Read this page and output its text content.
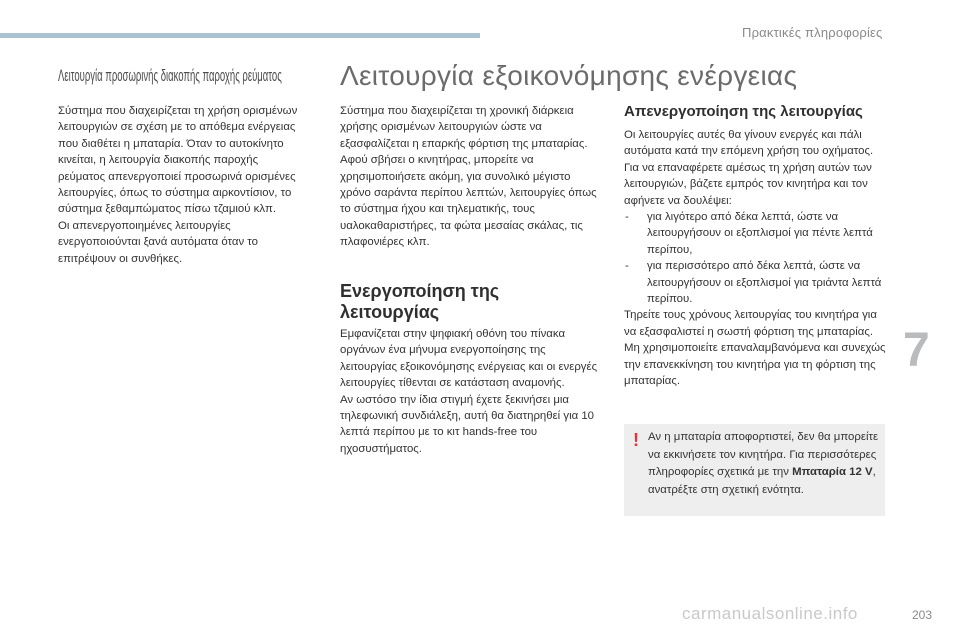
Πρακτικές πληροφορίες
Λειτουργία προσωρινής διακοπής παροχής ρεύματος

Σύστημα που διαχειρίζεται τη χρήση ορισμένων λειτουργιών σε σχέση με το απόθεμα ενέργειας που διαθέτει η μπαταρία. Όταν το αυτοκίνητο κινείται, η λειτουργία διακοπής παροχής ρεύματος απενεργοποιεί προσωρινά ορισμένες λειτουργίες, όπως το σύστημα αιρκοντίσιον, το σύστημα ξεθαμπώματος πίσω τζαμιού κλπ.

Οι απενεργοποιημένες λειτουργίες ενεργοποιούνται ξανά αυτόματα όταν το επιτρέψουν οι συνθήκες.

Λειτουργία εξοικονόμησης ενέργειας

Σύστημα που διαχειρίζεται τη χρονική διάρκεια χρήσης ορισμένων λειτουργιών ώστε να εξασφαλίζεται η επαρκής φόρτιση της μπαταρίας.

Αφού σβήσει ο κινητήρας, μπορείτε να χρησιμοποιήσετε ακόμη, για συνολικό μέγιστο χρόνο σαράντα περίπου λεπτών, λειτουργίες όπως το σύστημα ήχου και τηλεματικής, τους υαλοκαθαριστήρες, τα φώτα μεσαίας σκάλας, τις πλαφονιέρες κλπ.

Ενεργοποίηση της λειτουργίας

Εμφανίζεται στην ψηφιακή οθόνη του πίνακα οργάνων ένα μήνυμα ενεργοποίησης της λειτουργίας εξοικονόμησης ενέργειας και οι ενεργές λειτουργίες τίθενται σε κατάσταση αναμονής.

Αν ωστόσο την ίδια στιγμή έχετε ξεκινήσει μια τηλεφωνική συνδιάλεξη, αυτή θα διατηρηθεί για 10 λεπτά περίπου με το κιτ hands-free του ηχοσυστήματος.

Απενεργοποίηση της λειτουργίας

Οι λειτουργίες αυτές θα γίνουν ενεργές και πάλι αυτόματα κατά την επόμενη χρήση του οχήματος.

Για να επαναφέρετε αμέσως τη χρήση αυτών των λειτουργιών, βάζετε εμπρός τον κινητήρα και τον αφήνετε να δουλέψει:

- για λιγότερο από δέκα λεπτά, ώστε να λειτουργήσουν οι εξοπλισμοί για πέντε λεπτά περίπου,
- για περισσότερο από δέκα λεπτά, ώστε να λειτουργήσουν οι εξοπλισμοί για τριάντα λεπτά περίπου.

Τηρείτε τους χρόνους λειτουργίας του κινητήρα για να εξασφαλιστεί η σωστή φόρτιση της μπαταρίας.

Μη χρησιμοποιείτε επαναλαμβανόμενα και συνεχώς την επανεκκίνηση του κινητήρα για τη φόρτιση της μπαταρίας.

! Αν η μπαταρία αποφορτιστεί, δεν θα μπορείτε να εκκινήσετε τον κινητήρα. Για περισσότερες πληροφορίες σχετικά με την Μπαταρία 12 V, ανατρέξτε στη σχετική ενότητα.
7
carmanualsonline.info	203
